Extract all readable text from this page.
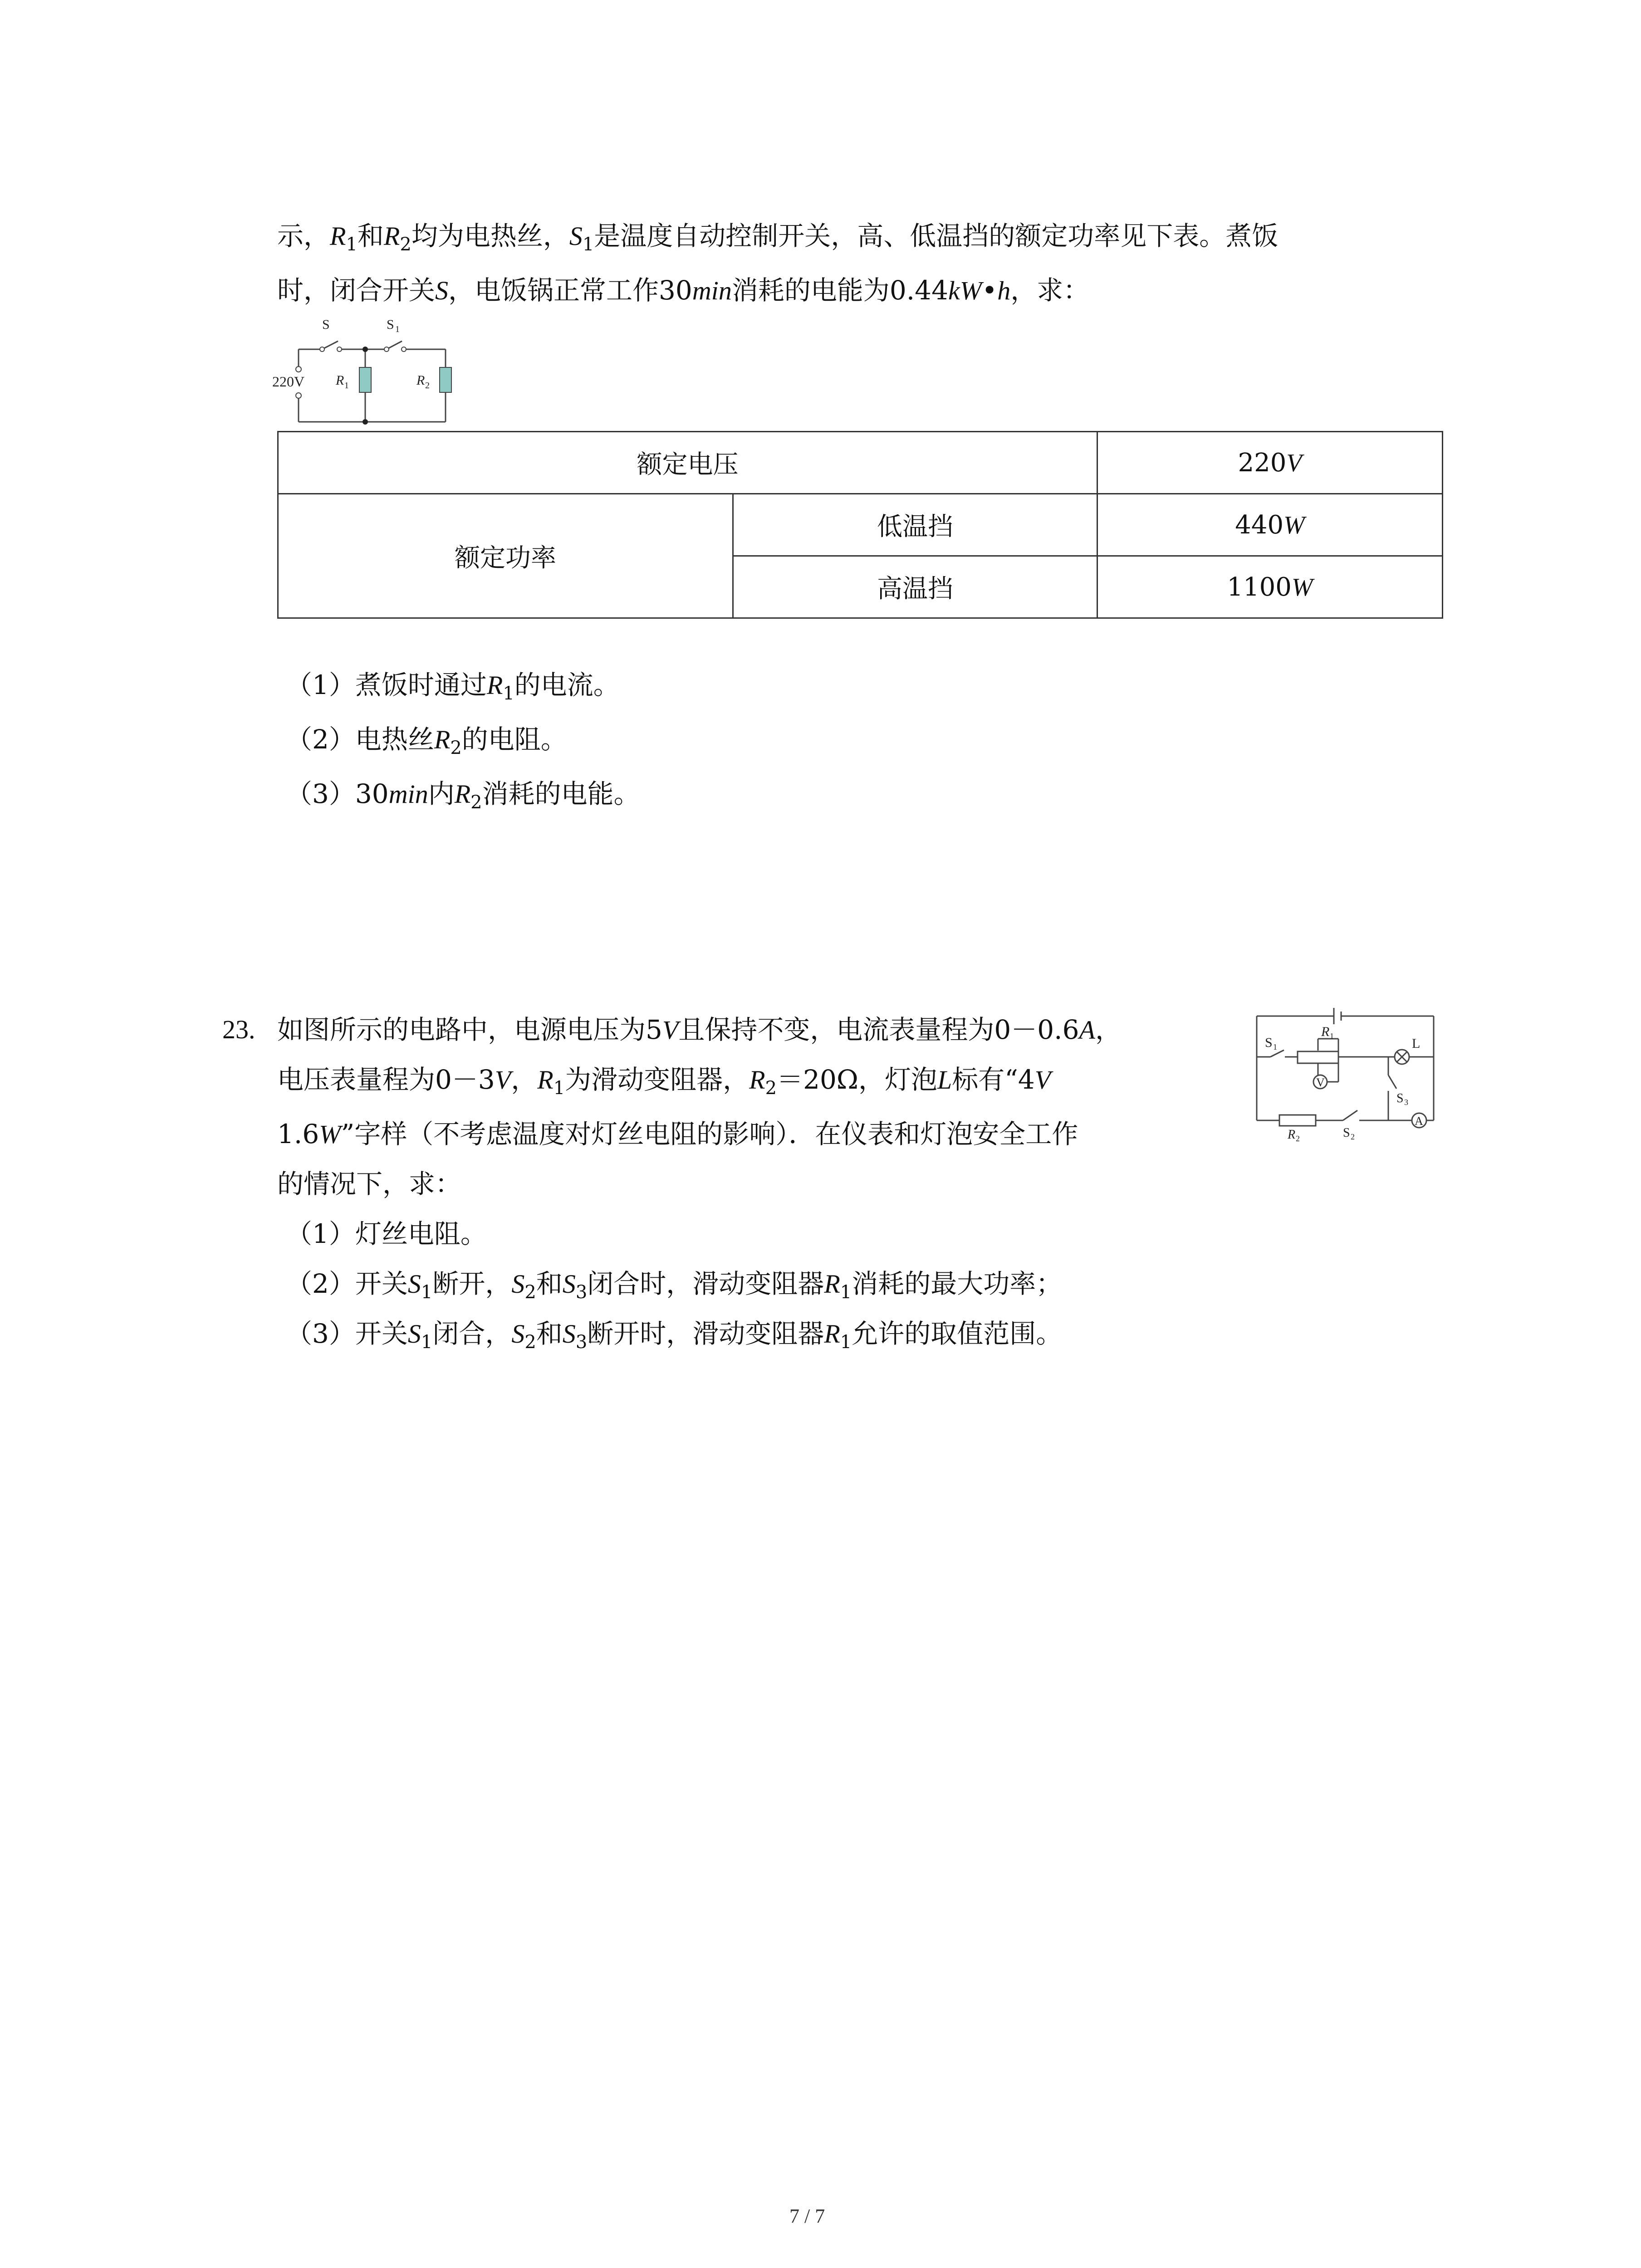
示，$R_1$和$R_2$均为电热丝，$S_1$是温度自动控制开关，高、低温挡的额定功率见下表。煮饭
时，闭合开关S，电饭锅正常工作30min消耗的电能为0.44kW•h，求：
220V
S	S 1
R 1	R 2
额定电压		220V
额定功率	低温挡	440W
	高温挡	1100W
（1）煮饭时通过$R_1$的电流。
（2）电热丝$R_2$的电阻。
（3）30min内$R_2$消耗的电能。
23. 如图所示的电路中，电源电压为5V且保持不变，电流表量程为0－0.6A，
电压表量程为0－3V，$R_1$为滑动变阻器，$R_2=20\Omega$，灯泡L标有“4V
1.6W”字样（不考虑温度对灯丝电阻的影响）．在仪表和灯泡安全工作
的情况下，求：
（1）灯丝电阻。
（2）开关$S_1$断开，$S_2$和$S_3$闭合时，滑动变阻器$R_1$消耗的最大功率；
（3）开关$S_1$闭合，$S_2$和$S_3$断开时，滑动变阻器$R_1$允许的取值范围。
V
A
S 1
R 1	L
S 3
R 2	S 2
7 / 7
